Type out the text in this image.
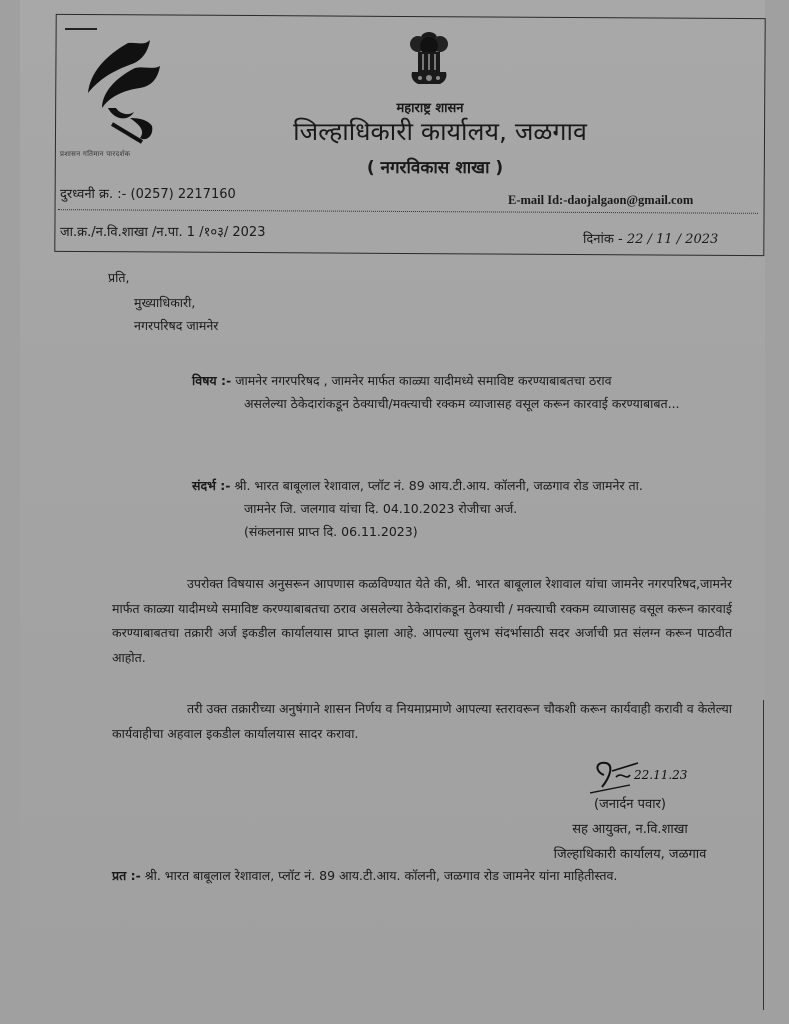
प्रशासन गतिमान पारदर्शक
महाराष्ट्र शासन
जिल्हाधिकारी कार्यालय, जळगाव
( नगरविकास शाखा )
दुरध्वनी क्र. :- (0257) 2217160	E-mail Id:-daojalgaon@gmail.com
जा.क्र./न.वि.शाखा /न.पा. 1 /१०३/ 2023	दिनांक - 22 / 11 / 2023
प्रति,
मुख्याधिकारी,
नगरपरिषद जामनेर
विषय :- जामनेर नगरपरिषद , जामनेर मार्फत काळ्या यादीमध्ये समाविष्ट करण्याबाबतचा ठराव
असलेल्या ठेकेदारांकडून ठेक्याची/मक्त्याची रक्कम व्याजासह वसूल करून कारवाई करण्याबाबत...
संदर्भ :- श्री. भारत बाबूलाल रेशावाल, प्लॉट नं. 89 आय.टी.आय. कॉलनी, जळगाव रोड जामनेर ता.
जामनेर जि. जलगाव यांचा दि. 04.10.2023 रोजीचा अर्ज.
(संकलनास प्राप्त दि. 06.11.2023)
उपरोक्त विषयास अनुसरून आपणास कळविण्यात येते की, श्री. भारत बाबूलाल रेशावाल यांचा जामनेर नगरपरिषद,जामनेर मार्फत काळ्या यादीमध्ये समाविष्ट करण्याबाबतचा ठराव असलेल्या ठेकेदारांकडून ठेक्याची / मक्त्याची रक्कम व्याजासह वसूल करून कारवाई करण्याबाबतचा तक्रारी अर्ज इकडील कार्यालयास प्राप्त झाला आहे. आपल्या सुलभ संदर्भासाठी सदर अर्जाची प्रत संलग्न करून पाठवीत आहोत.
तरी उक्त तक्रारीच्या अनुषंगाने शासन निर्णय व नियमाप्रमाणे आपल्या स्तरावरून चौकशी करून कार्यवाही करावी व केलेल्या कार्यवाहीचा अहवाल इकडील कार्यालयास सादर करावा.
22.11.23
(जनार्दन पवार)
सह आयुक्त, न.वि.शाखा
जिल्हाधिकारी कार्यालय, जळगाव
प्रत :- श्री. भारत बाबूलाल रेशावाल, प्लॉट नं. 89 आय.टी.आय. कॉलनी, जळगाव रोड जामनेर यांना माहितीस्तव.
